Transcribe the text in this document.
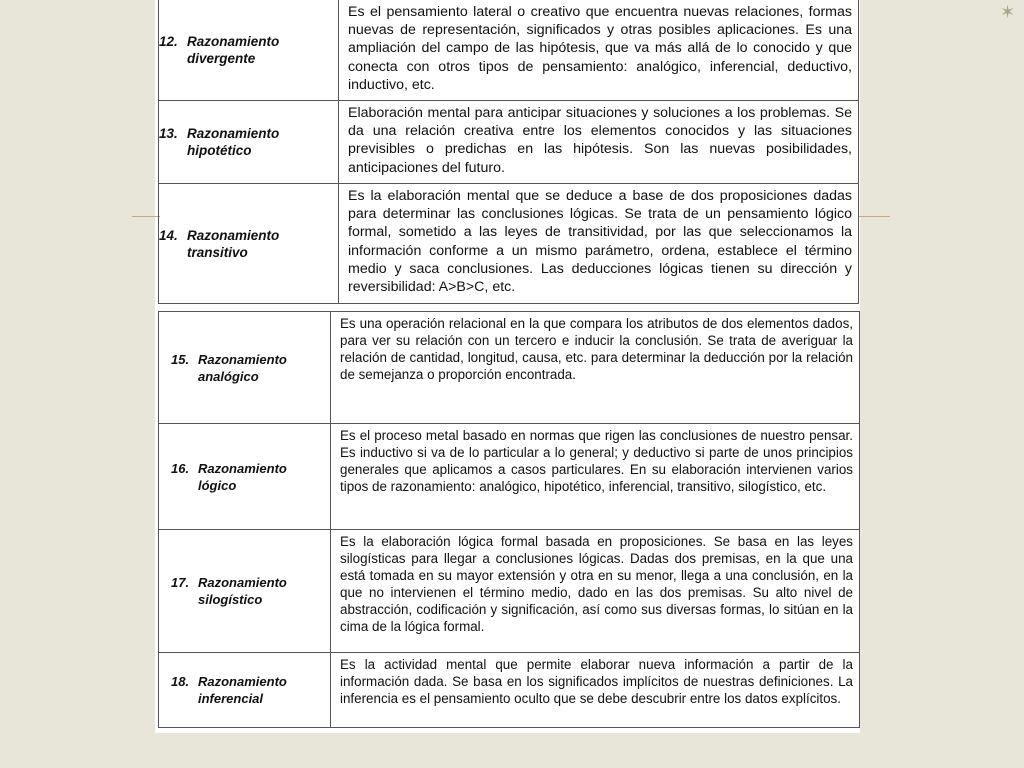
✶
12. Razonamiento
divergente	Es el pensamiento lateral o creativo que encuentra nuevas relaciones, formas nuevas de representación, significados y otras posibles aplicaciones. Es una ampliación del campo de las hipótesis, que va más allá de lo conocido y que conecta con otros tipos de pensamiento: analógico, inferencial, deductivo, inductivo, etc.
13. Razonamiento
hipotético	Elaboración mental para anticipar situaciones y soluciones a los problemas. Se da una relación creativa entre los elementos conocidos y las situaciones previsibles o predichas en las hipótesis. Son las nuevas posibilidades, anticipaciones del futuro.
14. Razonamiento
transitivo	Es la elaboración mental que se deduce a base de dos proposiciones dadas para determinar las conclusiones lógicas. Se trata de un pensamiento lógico formal, sometido a las leyes de transitividad, por las que seleccionamos la información conforme a un mismo parámetro, ordena, establece el término medio y saca conclusiones. Las deducciones lógicas tienen su dirección y reversibilidad: A>B>C, etc.
15. Razonamiento
analógico	Es una operación relacional en la que compara los atributos de dos elementos dados, para ver su relación con un tercero e inducir la conclusión. Se trata de averiguar la relación de cantidad, longitud, causa, etc. para determinar la deducción por la relación de semejanza o proporción encontrada.
16. Razonamiento
lógico	Es el proceso metal basado en normas que rigen las conclusiones de nuestro pensar. Es inductivo si va de lo particular a lo general; y deductivo si parte de unos principios generales que aplicamos a casos particulares. En su elaboración intervienen varios tipos de razonamiento: analógico, hipotético, inferencial, transitivo, silogístico, etc.
17. Razonamiento
silogístico	Es la elaboración lógica formal basada en proposiciones. Se basa en las leyes silogísticas para llegar a conclusiones lógicas. Dadas dos premisas, en la que una está tomada en su mayor extensión y otra en su menor, llega a una conclusión, en la que no intervienen el término medio, dado en las dos premisas. Su alto nivel de abstracción, codificación y significación, así como sus diversas formas, lo sitúan en la cima de la lógica formal.
18. Razonamiento
inferencial	Es la actividad mental que permite elaborar nueva información a partir de la información dada. Se basa en los significados implícitos de nuestras definiciones. La inferencia es el pensamiento oculto que se debe descubrir entre los datos explícitos.
